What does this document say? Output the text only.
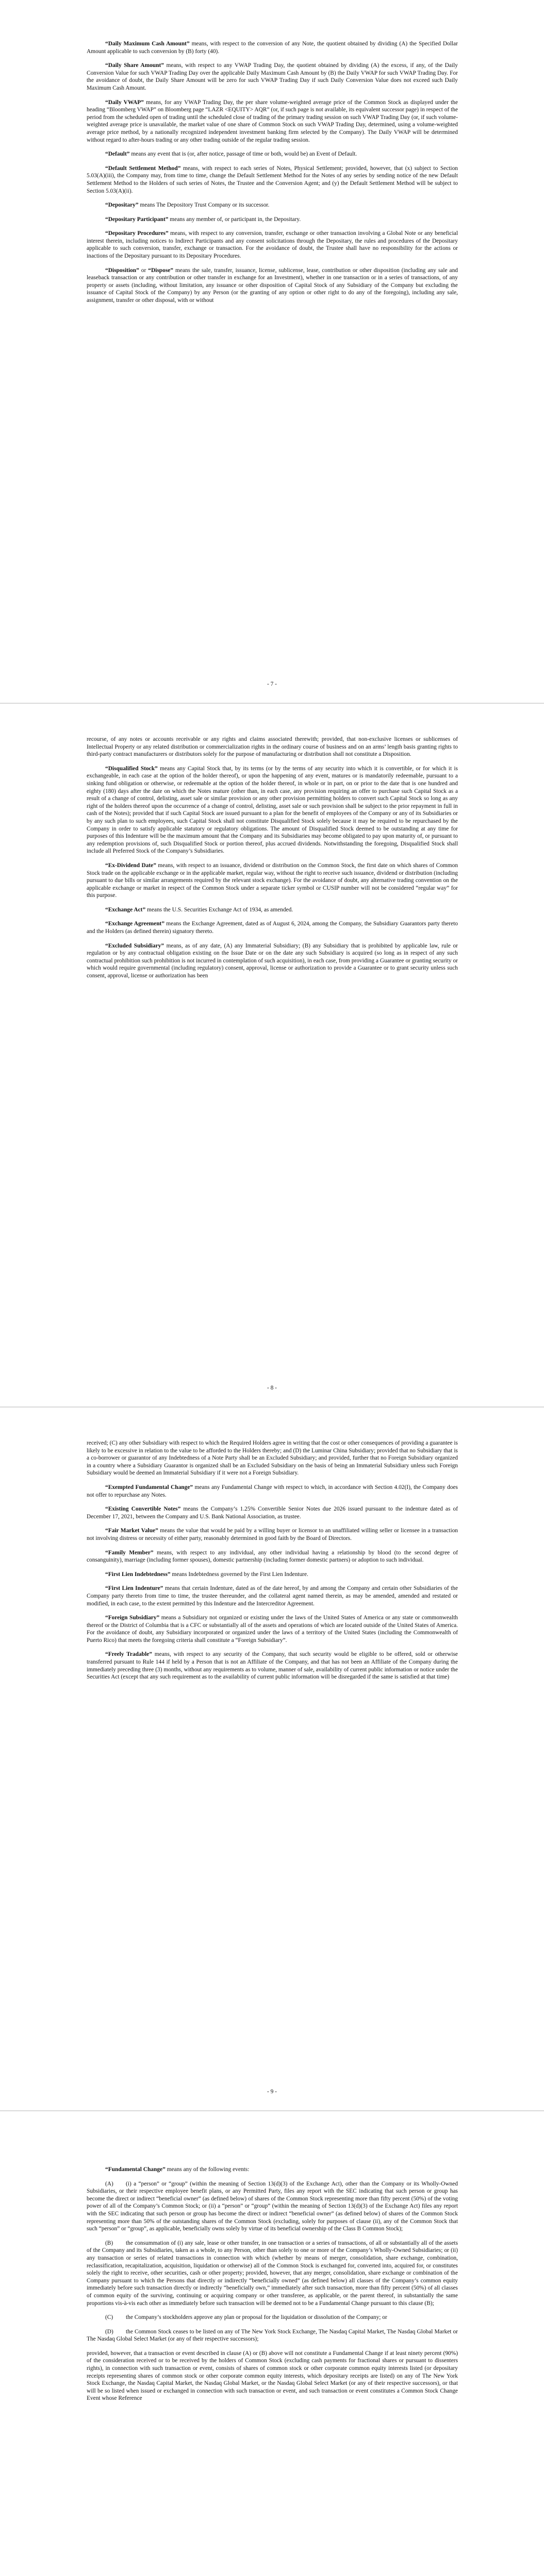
“Daily Maximum Cash Amount” means, with respect to the conversion of any Note, the quotient obtained by dividing (A) the Specified Dollar Amount applicable to such conversion by (B) forty (40).

“Daily Share Amount” means, with respect to any VWAP Trading Day, the quotient obtained by dividing (A) the excess, if any, of the Daily Conversion Value for such VWAP Trading Day over the applicable Daily Maximum Cash Amount by (B) the Daily VWAP for such VWAP Trading Day. For the avoidance of doubt, the Daily Share Amount will be zero for such VWAP Trading Day if such Daily Conversion Value does not exceed such Daily Maximum Cash Amount.

“Daily VWAP” means, for any VWAP Trading Day, the per share volume-weighted average price of the Common Stock as displayed under the heading “Bloomberg VWAP” on Bloomberg page “LAZR <EQUITY> AQR” (or, if such page is not available, its equivalent successor page) in respect of the period from the scheduled open of trading until the scheduled close of trading of the primary trading session on such VWAP Trading Day (or, if such volume-weighted average price is unavailable, the market value of one share of Common Stock on such VWAP Trading Day, determined, using a volume-weighted average price method, by a nationally recognized independent investment banking firm selected by the Company). The Daily VWAP will be determined without regard to after-hours trading or any other trading outside of the regular trading session.

“Default” means any event that is (or, after notice, passage of time or both, would be) an Event of Default.

“Default Settlement Method” means, with respect to each series of Notes, Physical Settlement; provided, however, that (x) subject to Section 5.03(A)(iii), the Company may, from time to time, change the Default Settlement Method for the Notes of any series by sending notice of the new Default Settlement Method to the Holders of such series of Notes, the Trustee and the Conversion Agent; and (y) the Default Settlement Method will be subject to Section 5.03(A)(ii).

“Depositary” means The Depository Trust Company or its successor.

“Depositary Participant” means any member of, or participant in, the Depositary.

“Depositary Procedures” means, with respect to any conversion, transfer, exchange or other transaction involving a Global Note or any beneficial interest therein, including notices to Indirect Participants and any consent solicitations through the Depositary, the rules and procedures of the Depositary applicable to such conversion, transfer, exchange or transaction. For the avoidance of doubt, the Trustee shall have no responsibility for the actions or inactions of the Depositary pursuant to its Depositary Procedures.

“Disposition” or “Dispose” means the sale, transfer, issuance, license, sublicense, lease, contribution or other disposition (including any sale and leaseback transaction or any contribution or other transfer in exchange for an Investment), whether in one transaction or in a series of transactions, of any property or assets (including, without limitation, any issuance or other disposition of Capital Stock of any Subsidiary of the Company but excluding the issuance of Capital Stock of the Company) by any Person (or the granting of any option or other right to do any of the foregoing), including any sale, assignment, transfer or other disposal, with or without

- 7 -

recourse, of any notes or accounts receivable or any rights and claims associated therewith; provided, that non-exclusive licenses or sublicenses of Intellectual Property or any related distribution or commercialization rights in the ordinary course of business and on an arms’ length basis granting rights to third-party contract manufacturers or distributors solely for the purpose of manufacturing or distribution shall not constitute a Disposition.

“Disqualified Stock” means any Capital Stock that, by its terms (or by the terms of any security into which it is convertible, or for which it is exchangeable, in each case at the option of the holder thereof), or upon the happening of any event, matures or is mandatorily redeemable, pursuant to a sinking fund obligation or otherwise, or redeemable at the option of the holder thereof, in whole or in part, on or prior to the date that is one hundred and eighty (180) days after the date on which the Notes mature (other than, in each case, any provision requiring an offer to purchase such Capital Stock as a result of a change of control, delisting, asset sale or similar provision or any other provision permitting holders to convert such Capital Stock so long as any right of the holders thereof upon the occurrence of a change of control, delisting, asset sale or such provision shall be subject to the prior repayment in full in cash of the Notes); provided that if such Capital Stock are issued pursuant to a plan for the benefit of employees of the Company or any of its Subsidiaries or by any such plan to such employees, such Capital Stock shall not constitute Disqualified Stock solely because it may be required to be repurchased by the Company in order to satisfy applicable statutory or regulatory obligations. The amount of Disqualified Stock deemed to be outstanding at any time for purposes of this Indenture will be the maximum amount that the Company and its Subsidiaries may become obligated to pay upon maturity of, or pursuant to any redemption provisions of, such Disqualified Stock or portion thereof, plus accrued dividends. Notwithstanding the foregoing, Disqualified Stock shall include all Preferred Stock of the Company’s Subsidiaries.

“Ex-Dividend Date” means, with respect to an issuance, dividend or distribution on the Common Stock, the first date on which shares of Common Stock trade on the applicable exchange or in the applicable market, regular way, without the right to receive such issuance, dividend or distribution (including pursuant to due bills or similar arrangements required by the relevant stock exchange). For the avoidance of doubt, any alternative trading convention on the applicable exchange or market in respect of the Common Stock under a separate ticker symbol or CUSIP number will not be considered “regular way” for this purpose.

“Exchange Act” means the U.S. Securities Exchange Act of 1934, as amended.

“Exchange Agreement” means the Exchange Agreement, dated as of August 6, 2024, among the Company, the Subsidiary Guarantors party thereto and the Holders (as defined therein) signatory thereto.

“Excluded Subsidiary” means, as of any date, (A) any Immaterial Subsidiary; (B) any Subsidiary that is prohibited by applicable law, rule or regulation or by any contractual obligation existing on the Issue Date or on the date any such Subsidiary is acquired (so long as in respect of any such contractual prohibition such prohibition is not incurred in contemplation of such acquisition), in each case, from providing a Guarantee or granting security or which would require governmental (including regulatory) consent, approval, license or authorization to provide a Guarantee or to grant security unless such consent, approval, license or authorization has been

- 8 -

received; (C) any other Subsidiary with respect to which the Required Holders agree in writing that the cost or other consequences of providing a guarantee is likely to be excessive in relation to the value to be afforded to the Holders thereby; and (D) the Luminar China Subsidiary; provided that no Subsidiary that is a co-borrower or guarantor of any Indebtedness of a Note Party shall be an Excluded Subsidiary; and provided, further that no Foreign Subsidiary organized in a country where a Subsidiary Guarantor is organized shall be an Excluded Subsidiary on the basis of being an Immaterial Subsidiary unless such Foreign Subsidiary would be deemed an Immaterial Subsidiary if it were not a Foreign Subsidiary.

“Exempted Fundamental Change” means any Fundamental Change with respect to which, in accordance with Section 4.02(I), the Company does not offer to repurchase any Notes.

“Existing Convertible Notes” means the Company’s 1.25% Convertible Senior Notes due 2026 issued pursuant to the indenture dated as of December 17, 2021, between the Company and U.S. Bank National Association, as trustee.

“Fair Market Value” means the value that would be paid by a willing buyer or licensor to an unaffiliated willing seller or licensee in a transaction not involving distress or necessity of either party, reasonably determined in good faith by the Board of Directors.

“Family Member” means, with respect to any individual, any other individual having a relationship by blood (to the second degree of consanguinity), marriage (including former spouses), domestic partnership (including former domestic partners) or adoption to such individual.

“First Lien Indebtedness” means Indebtedness governed by the First Lien Indenture.

“First Lien Indenture” means that certain Indenture, dated as of the date hereof, by and among the Company and certain other Subsidiaries of the Company party thereto from time to time, the trustee thereunder, and the collateral agent named therein, as may be amended, amended and restated or modified, in each case, to the extent permitted by this Indenture and the Intercreditor Agreement.

“Foreign Subsidiary” means a Subsidiary not organized or existing under the laws of the United States of America or any state or commonwealth thereof or the District of Columbia that is a CFC or substantially all of the assets and operations of which are located outside of the United States of America. For the avoidance of doubt, any Subsidiary incorporated or organized under the laws of a territory of the United States (including the Commonwealth of Puerto Rico) that meets the foregoing criteria shall constitute a “Foreign Subsidiary”.

“Freely Tradable” means, with respect to any security of the Company, that such security would be eligible to be offered, sold or otherwise transferred pursuant to Rule 144 if held by a Person that is not an Affiliate of the Company, and that has not been an Affiliate of the Company during the immediately preceding three (3) months, without any requirements as to volume, manner of sale, availability of current public information or notice under the Securities Act (except that any such requirement as to the availability of current public information will be disregarded if the same is satisfied at that time)

- 9 -

“Fundamental Change” means any of the following events:

(A) (i) a “person” or “group” (within the meaning of Section 13(d)(3) of the Exchange Act), other than the Company or its Wholly-Owned Subsidiaries, or their respective employee benefit plans, or any Permitted Party, files any report with the SEC indicating that such person or group has become the direct or indirect “beneficial owner” (as defined below) of shares of the Common Stock representing more than fifty percent (50%) of the voting power of all of the Company’s Common Stock; or (ii) a “person” or “group” (within the meaning of Section 13(d)(3) of the Exchange Act) files any report with the SEC indicating that such person or group has become the direct or indirect “beneficial owner” (as defined below) of shares of the Common Stock representing more than 50% of the outstanding shares of the Common Stock (excluding, solely for purposes of clause (ii), any of the Common Stock that such “person” or “group”, as applicable, beneficially owns solely by virtue of its beneficial ownership of the Class B Common Stock);

(B) the consummation of (i) any sale, lease or other transfer, in one transaction or a series of transactions, of all or substantially all of the assets of the Company and its Subsidiaries, taken as a whole, to any Person, other than solely to one or more of the Company’s Wholly-Owned Subsidiaries; or (ii) any transaction or series of related transactions in connection with which (whether by means of merger, consolidation, share exchange, combination, reclassification, recapitalization, acquisition, liquidation or otherwise) all of the Common Stock is exchanged for, converted into, acquired for, or constitutes solely the right to receive, other securities, cash or other property; provided, however, that any merger, consolidation, share exchange or combination of the Company pursuant to which the Persons that directly or indirectly “beneficially owned” (as defined below) all classes of the Company’s common equity immediately before such transaction directly or indirectly “beneficially own,” immediately after such transaction, more than fifty percent (50%) of all classes of common equity of the surviving, continuing or acquiring company or other transferee, as applicable, or the parent thereof, in substantially the same proportions vis-à-vis each other as immediately before such transaction will be deemed not to be a Fundamental Change pursuant to this clause (B);

(C) the Company’s stockholders approve any plan or proposal for the liquidation or dissolution of the Company; or

(D) the Common Stock ceases to be listed on any of The New York Stock Exchange, The Nasdaq Capital Market, The Nasdaq Global Market or The Nasdaq Global Select Market (or any of their respective successors);

provided, however, that a transaction or event described in clause (A) or (B) above will not constitute a Fundamental Change if at least ninety percent (90%) of the consideration received or to be received by the holders of Common Stock (excluding cash payments for fractional shares or pursuant to dissenters rights), in connection with such transaction or event, consists of shares of common stock or other corporate common equity interests listed (or depositary receipts representing shares of common stock or other corporate common equity interests, which depositary receipts are listed) on any of The New York Stock Exchange, the Nasdaq Capital Market, the Nasdaq Global Market, or the Nasdaq Global Select Market (or any of their respective successors), or that will be so listed when issued or exchanged in connection with such transaction or event, and such transaction or event constitutes a Common Stock Change Event whose Reference
